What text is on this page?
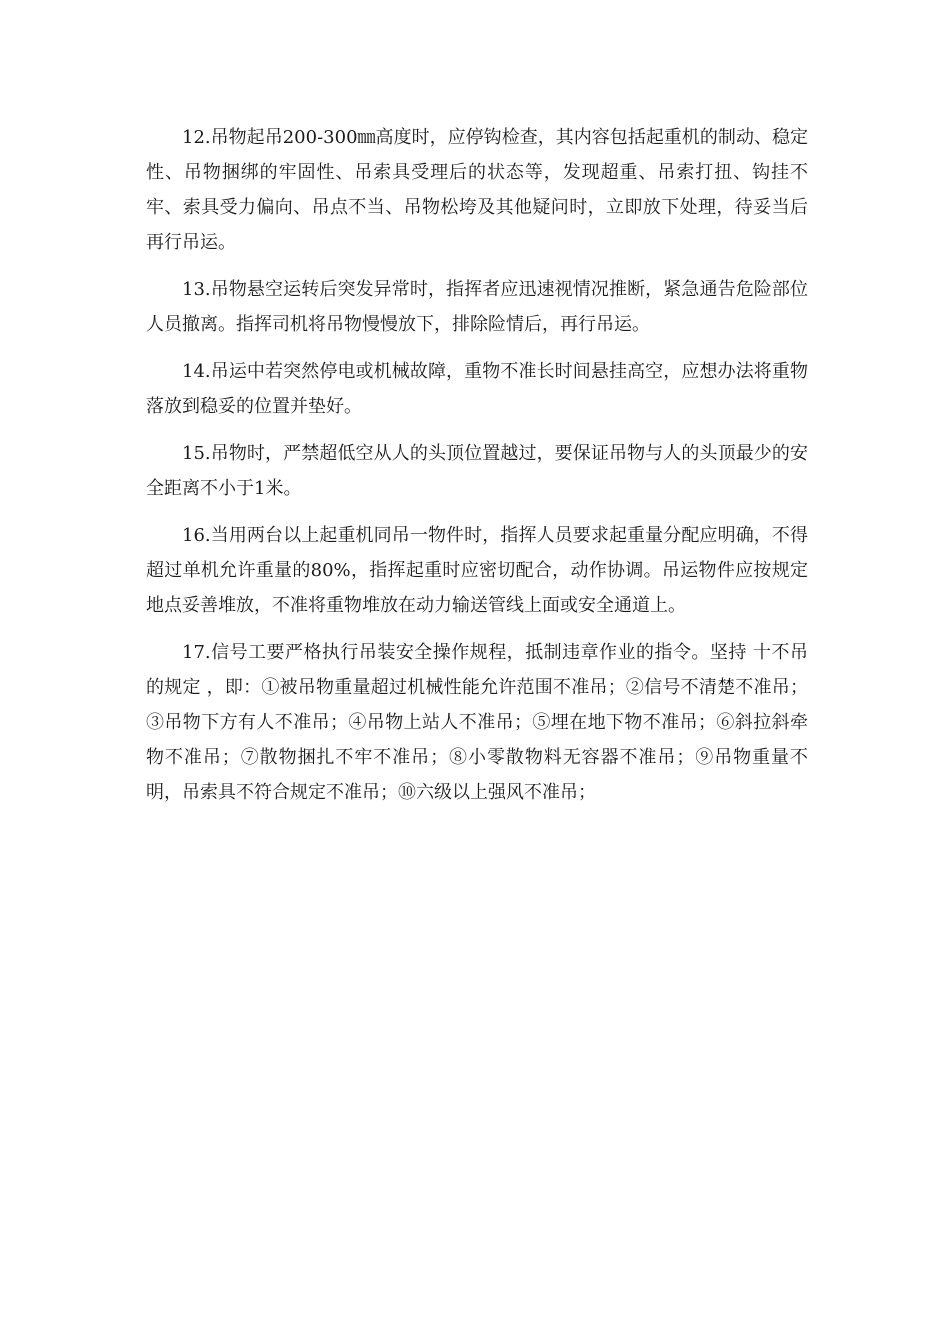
12.吊物起吊200-300㎜高度时，应停钩检查，其内容包括起重机的制动、稳定性、吊物捆绑的牢固性、吊索具受理后的状态等，发现超重、吊索打扭、钩挂不牢、索具受力偏向、吊点不当、吊物松垮及其他疑问时，立即放下处理，待妥当后再行吊运。

13.吊物悬空运转后突发异常时，指挥者应迅速视情况推断，紧急通告危险部位人员撤离。指挥司机将吊物慢慢放下，排除险情后，再行吊运。

14.吊运中若突然停电或机械故障，重物不准长时间悬挂高空，应想办法将重物落放到稳妥的位置并垫好。

15.吊物时，严禁超低空从人的头顶位置越过，要保证吊物与人的头顶最少的安全距离不小于1米。

16.当用两台以上起重机同吊一物件时，指挥人员要求起重量分配应明确，不得超过单机允许重量的80%，指挥起重时应密切配合，动作协调。吊运物件应按规定地点妥善堆放，不准将重物堆放在动力输送管线上面或安全通道上。

17.信号工要严格执行吊装安全操作规程，抵制违章作业的指令。坚持 十不吊的规定 ，即：①被吊物重量超过机械性能允许范围不准吊；②信号不清楚不准吊；③吊物下方有人不准吊；④吊物上站人不准吊；⑤埋在地下物不准吊；⑥斜拉斜牵物不准吊；⑦散物捆扎不牢不准吊；⑧小零散物料无容器不准吊；⑨吊物重量不明，吊索具不符合规定不准吊；⑩六级以上强风不准吊；
